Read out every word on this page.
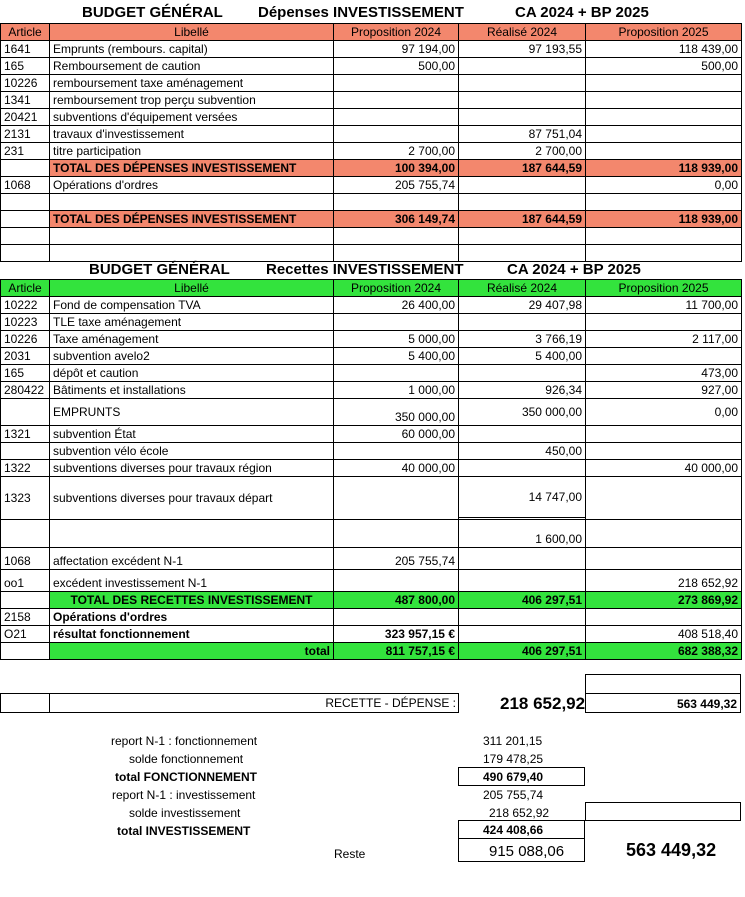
BUDGET GÉNÉRAL Dépenses INVESTISSEMENT	CA 2024 + BP 2025
Article	Libellé	Proposition 2024	Réalisé 2024	Proposition 2025
1641	Emprunts (rembours. capital)	97 194,00	97 193,55	118 439,00
165	Remboursement de caution	500,00		500,00
10226	remboursement taxe aménagement			
1341	remboursement trop perçu subvention			
20421	subventions d'équipement versées			
2131	travaux d'investissement		87 751,04	
231	titre participation	2 700,00	2 700,00	
	TOTAL DES DÉPENSES INVESTISSEMENT	100 394,00	187 644,59	118 939,00
1068	Opérations d'ordres	205 755,74		0,00

	TOTAL DES DÉPENSES INVESTISSEMENT	306 149,74	187 644,59	118 939,00

BUDGET GÉNÉRAL Recettes INVESTISSEMENT	CA 2024 + BP 2025
Article	Libellé	Proposition 2024	Réalisé 2024	Proposition 2025
10222	Fond de compensation TVA	26 400,00	29 407,98	11 700,00
10223	TLE taxe aménagement			
10226	Taxe aménagement	5 000,00	3 766,19	2 117,00
2031	subvention avelo2	5 400,00	5 400,00	
165	dépôt et caution			473,00
280422	Bâtiments et installations	1 000,00	926,34	927,00
	EMPRUNTS	350 000,00	350 000,00	0,00
1321	subvention État	60 000,00		
	subvention vélo école		450,00	
1322	subventions diverses pour travaux région	40 000,00		40 000,00
1323	subventions diverses pour travaux départ		14 747,00	

			1 600,00	
1068	affectation excédent N-1	205 755,74		
oo1	excédent investissement N-1			218 652,92
	TOTAL DES RECETTES INVESTISSEMENT	487 800,00	406 297,51	273 869,92
2158	Opérations d'ordres			
O21	résultat fonctionnement	323 957,15 €		408 518,40
	total	811 757,15 €	406 297,51	682 388,32
RECETTE - DÉPENSE :	218 652,92	563 449,32
report N-1 : fonctionnement	311 201,15
solde fonctionnement	179 478,25
total FONCTIONNEMENT	490 679,40
report N-1 : investissement	205 755,74
solde investissement	218 652,92
total INVESTISSEMENT	424 408,66
Reste	915 088,06	563 449,32
